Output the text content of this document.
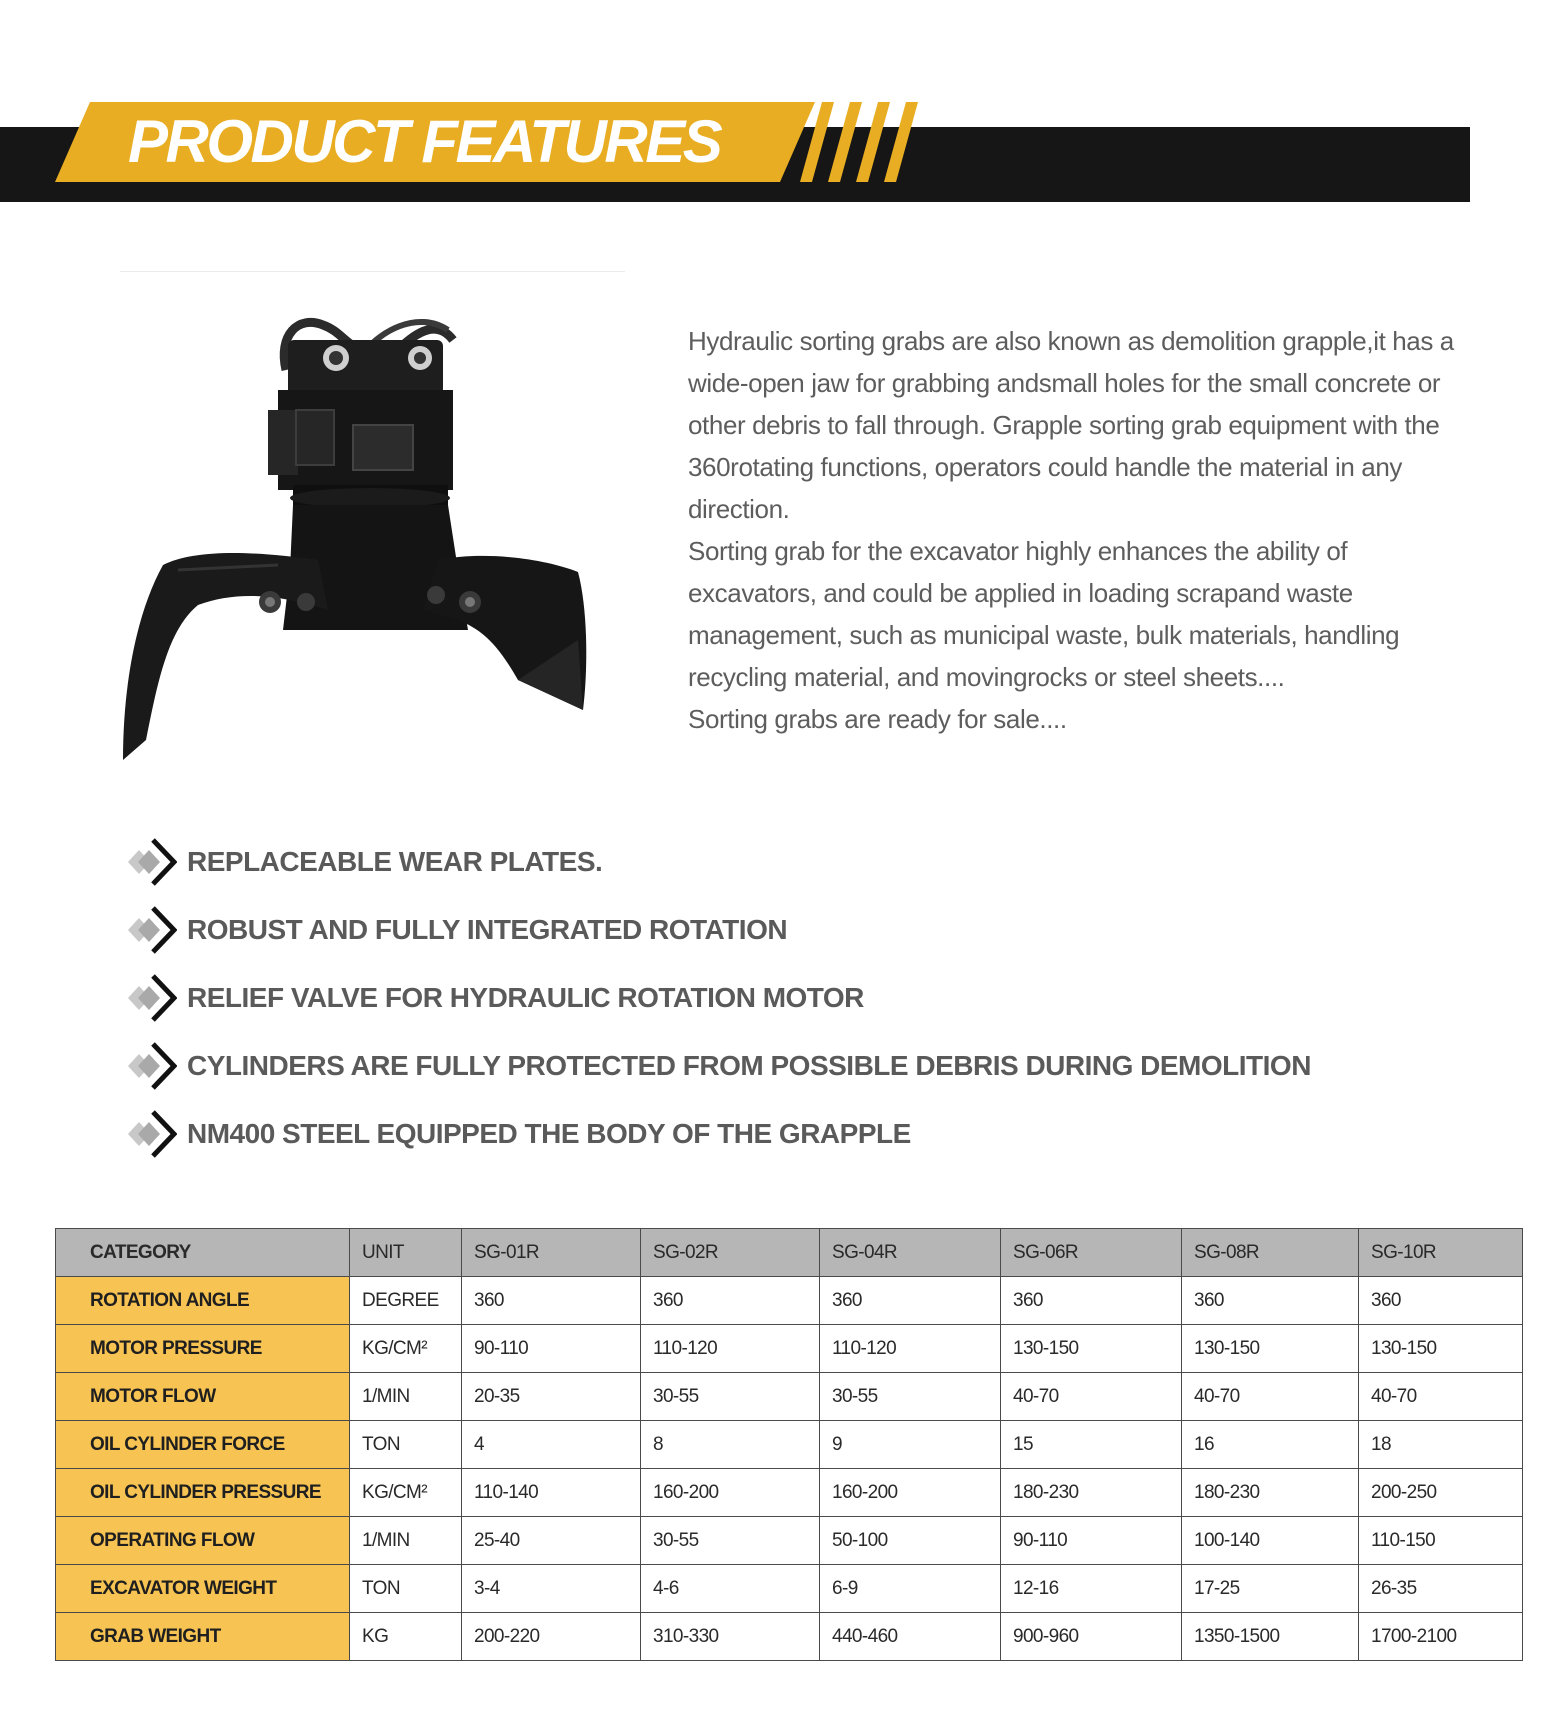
PRODUCT FEATURES

Hydraulic sorting grabs are also known as demolition grapple,it has a wide-open jaw for grabbing andsmall holes for the small concrete or other debris to fall through. Grapple sorting grab equipment with the 360rotating functions, operators could handle the material in any direction.

Sorting grab for the excavator highly enhances the ability of excavators, and could be applied in loading scrapand waste management, such as municipal waste, bulk materials, handling recycling material, and movingrocks or steel sheets....

Sorting grabs are ready for sale....

REPLACEABLE WEAR PLATES.
ROBUST AND FULLY INTEGRATED ROTATION
RELIEF VALVE FOR HYDRAULIC ROTATION MOTOR
CYLINDERS ARE FULLY PROTECTED FROM POSSIBLE DEBRIS DURING DEMOLITION
NM400 STEEL EQUIPPED THE BODY OF THE GRAPPLE
CATEGORY	UNIT	SG-01R	SG-02R	SG-04R	SG-06R	SG-08R	SG-10R
ROTATION ANGLE	DEGREE	360	360	360	360	360	360
MOTOR PRESSURE	KG/CM²	90-110	110-120	110-120	130-150	130-150	130-150
MOTOR FLOW	1/MIN	20-35	30-55	30-55	40-70	40-70	40-70
OIL CYLINDER FORCE	TON	4	8	9	15	16	18
OIL CYLINDER PRESSURE	KG/CM²	110-140	160-200	160-200	180-230	180-230	200-250
OPERATING FLOW	1/MIN	25-40	30-55	50-100	90-110	100-140	110-150
EXCAVATOR WEIGHT	TON	3-4	4-6	6-9	12-16	17-25	26-35
GRAB WEIGHT	KG	200-220	310-330	440-460	900-960	1350-1500	1700-2100
